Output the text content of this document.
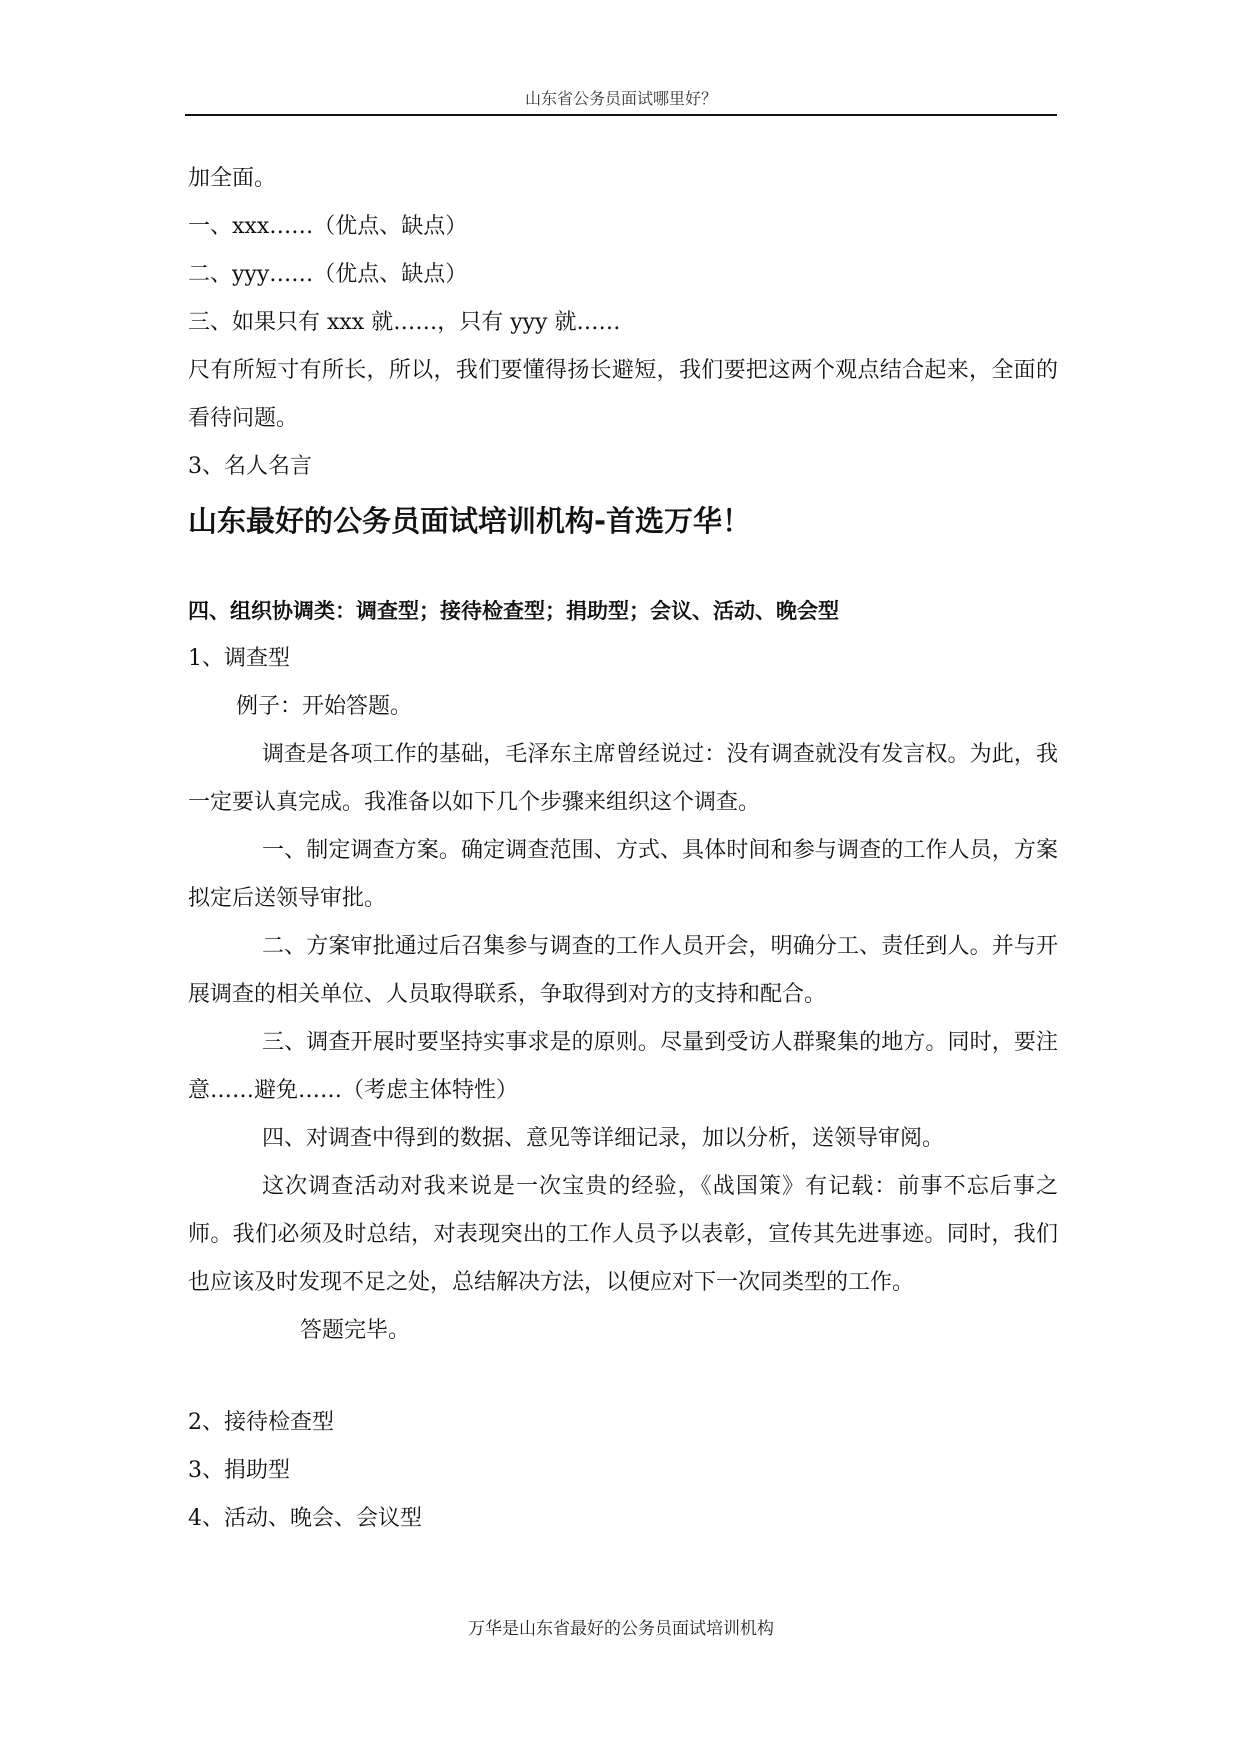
山东省公务员面试哪里好？
加全面。
一、xxx……（优点、缺点）
二、yyy……（优点、缺点）
三、如果只有 xxx 就……，只有 yyy 就……
尺有所短寸有所长，所以，我们要懂得扬长避短，我们要把这两个观点结合起来，全面的看待问题。
3、名人名言
山东最好的公务员面试培训机构-首选万华！
四、组织协调类：调查型；接待检查型；捐助型；会议、活动、晚会型
1、调查型
例子：开始答题。
调查是各项工作的基础，毛泽东主席曾经说过：没有调查就没有发言权。为此，我一定要认真完成。我准备以如下几个步骤来组织这个调查。
一、制定调查方案。确定调查范围、方式、具体时间和参与调查的工作人员，方案拟定后送领导审批。
二、方案审批通过后召集参与调查的工作人员开会，明确分工、责任到人。并与开展调查的相关单位、人员取得联系，争取得到对方的支持和配合。
三、调查开展时要坚持实事求是的原则。尽量到受访人群聚集的地方。同时，要注意……避免……（考虑主体特性）
四、对调查中得到的数据、意见等详细记录，加以分析，送领导审阅。
这次调查活动对我来说是一次宝贵的经验，《战国策》有记载：前事不忘后事之师。我们必须及时总结，对表现突出的工作人员予以表彰，宣传其先进事迹。同时，我们也应该及时发现不足之处，总结解决方法，以便应对下一次同类型的工作。
答题完毕。
2、接待检查型
3、捐助型
4、活动、晚会、会议型
万华是山东省最好的公务员面试培训机构
